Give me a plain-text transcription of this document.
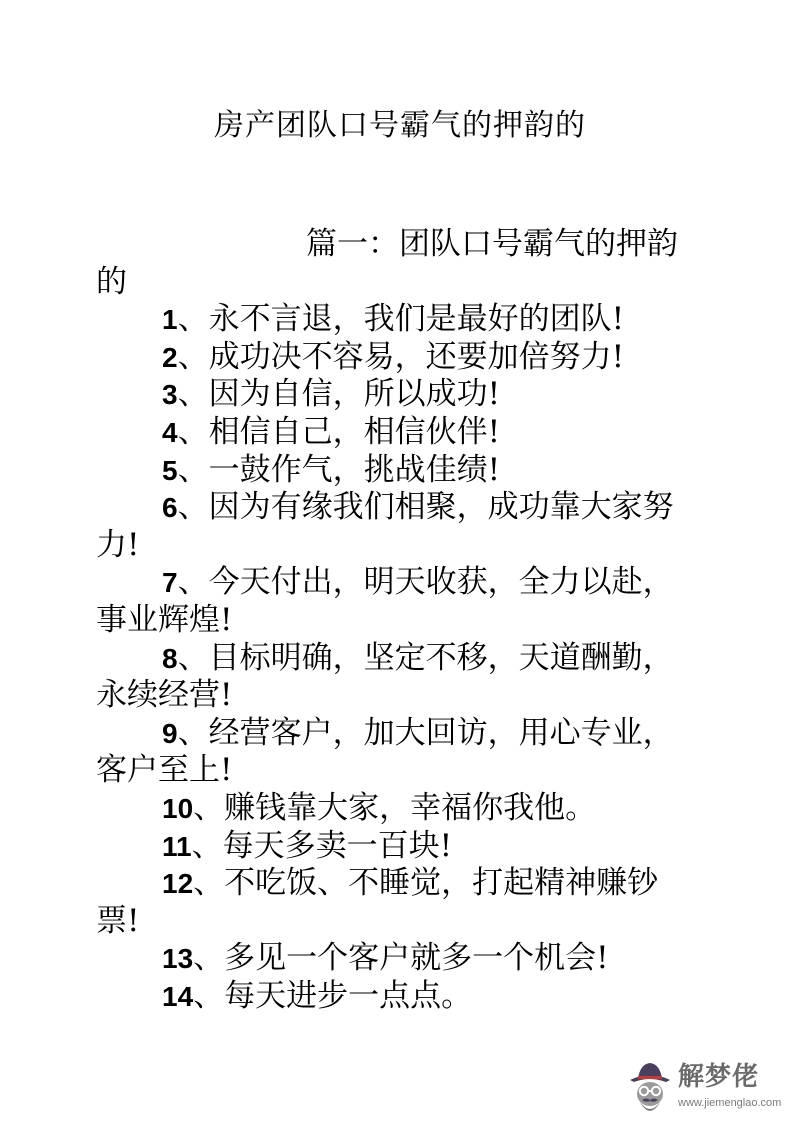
房产团队口号霸气的押韵的

篇一：团队口号霸气的押韵的

1、永不言退，我们是最好的团队!

2、成功决不容易，还要加倍努力!

3、因为自信，所以成功!

4、相信自己，相信伙伴!

5、一鼓作气，挑战佳绩!

6、因为有缘我们相聚，成功靠大家努力!

7、今天付出，明天收获，全力以赴，事业辉煌!

8、目标明确，坚定不移，天道酬勤，永续经营!

9、经营客户，加大回访，用心专业，客户至上!

10、赚钱靠大家，幸福你我他。

11、每天多卖一百块!

12、不吃饭、不睡觉，打起精神赚钞票!

13、多见一个客户就多一个机会!

14、每天进步一点点。

解梦佬
www.jiemenglao.com
